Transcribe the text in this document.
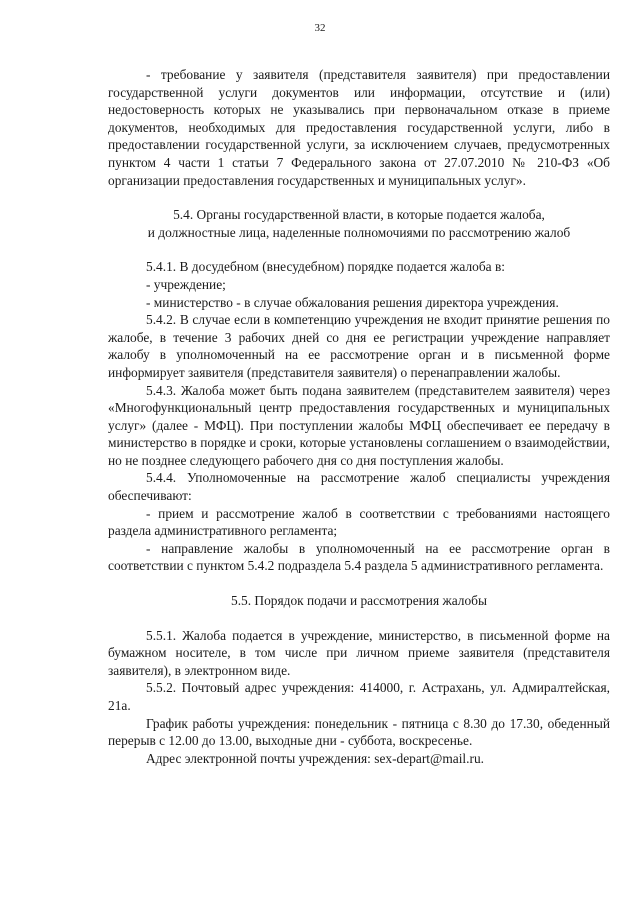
32

- требование у заявителя (представителя заявителя) при предоставлении государственной услуги документов или информации, отсутствие и (или) недостоверность которых не указывались при первоначальном отказе в приеме документов, необходимых для предоставления государственной услуги, либо в предоставлении государственной услуги, за исключением случаев, предусмотренных пунктом 4 части 1 статьи 7 Федерального закона от 27.07.2010 № 210-ФЗ «Об организации предоставления государственных и муниципальных услуг».

5.4. Органы государственной власти, в которые подается жалоба,
и должностные лица, наделенные полномочиями по рассмотрению жалоб

5.4.1. В досудебном (внесудебном) порядке подается жалоба в:

- учреждение;

- министерство - в случае обжалования решения директора учреждения.

5.4.2. В случае если в компетенцию учреждения не входит принятие решения по жалобе, в течение 3 рабочих дней со дня ее регистрации учреждение направляет жалобу в уполномоченный на ее рассмотрение орган и в письменной форме информирует заявителя (представителя заявителя) о перенаправлении жалобы.

5.4.3. Жалоба может быть подана заявителем (представителем заявителя) через «Многофункциональный центр предоставления государственных и муниципальных услуг» (далее - МФЦ). При поступлении жалобы МФЦ обеспечивает ее передачу в министерство в порядке и сроки, которые установлены соглашением о взаимодействии, но не позднее следующего рабочего дня со дня поступления жалобы.

5.4.4. Уполномоченные на рассмотрение жалоб специалисты учреждения обеспечивают:

- прием и рассмотрение жалоб в соответствии с требованиями настоящего раздела административного регламента;

- направление жалобы в уполномоченный на ее рассмотрение орган в соответствии с пунктом 5.4.2 подраздела 5.4 раздела 5 административного регламента.

5.5. Порядок подачи и рассмотрения жалобы

5.5.1. Жалоба подается в учреждение, министерство, в письменной форме на бумажном носителе, в том числе при личном приеме заявителя (представителя заявителя), в электронном виде.

5.5.2. Почтовый адрес учреждения: 414000, г. Астрахань, ул. Адмиралтейская, 21а.

График работы учреждения: понедельник - пятница с 8.30 до 17.30, обеденный перерыв с 12.00 до 13.00, выходные дни - суббота, воскресенье.

Адрес электронной почты учреждения: sex-depart@mail.ru.
